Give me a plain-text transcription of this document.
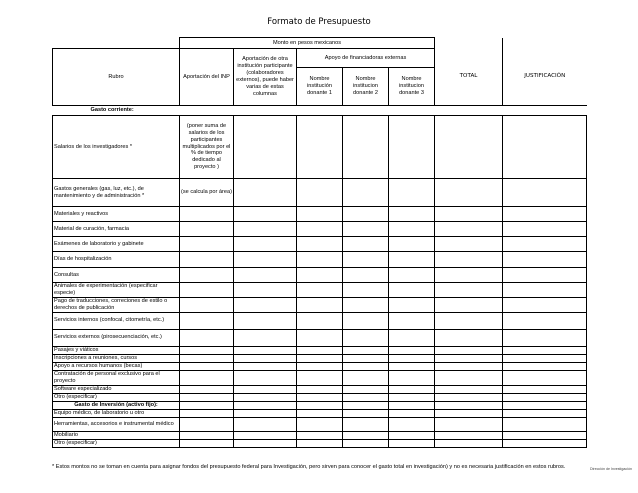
Formato de Presupuesto
	Monto en pesos mexicanos						
Rubro	Aportación del INP	Aportación de otra institución participante (colaboradores externos), puede haber varias de estas columnas	Apoyo de financiadoras externas			TOTAL	JUSTIFICACIÓN
			Nombre institución donante 1	Nombre institucion donante 2	Nombre institucion donante 3		
Gasto corriente:							
Salarios de los investigadores *	(poner suma de salarios de los participantes multiplicados por el % de tiempo dedicado al proyecto )						
Gastos generales (gas, luz, etc.), de mantenimiento y de administración *	(se calcula por área)						
Materiales y reactivos							
Material de curación, farmacia							
Exámenes de laboratorio y gabinete							
Días de hospitalización							
Consultas							
Animales de experimentación (especificar especie)							
Pago de traducciones, correciones de estilo o derechos de publicación							
Servicios internos (confocal, citometría, etc.)							
Servicios externos (pirosecuenciación, etc.)							
Pasajes y viáticos							
Inscripciones a reuniones, cursos							
Apoyo a recursos humanos (becas)							
Contratación de personal exclusivo para el proyecto							
Software especializado							
Otro (especificar)							
Gasto de Inversión (activo fijo):							
Equipo médico, de laboratorio u otro							
Herramientas, accesorios e instrumental médico							
Mobiliario							
Otro (especificar)							
* Estos montos no se toman en cuenta para asignar fondos del presupuesto federal para Investigación, pero sirven para conocer el gasto total en investigación) y no es necesaria justificación en estos rubros.	Dirección de Investigación
